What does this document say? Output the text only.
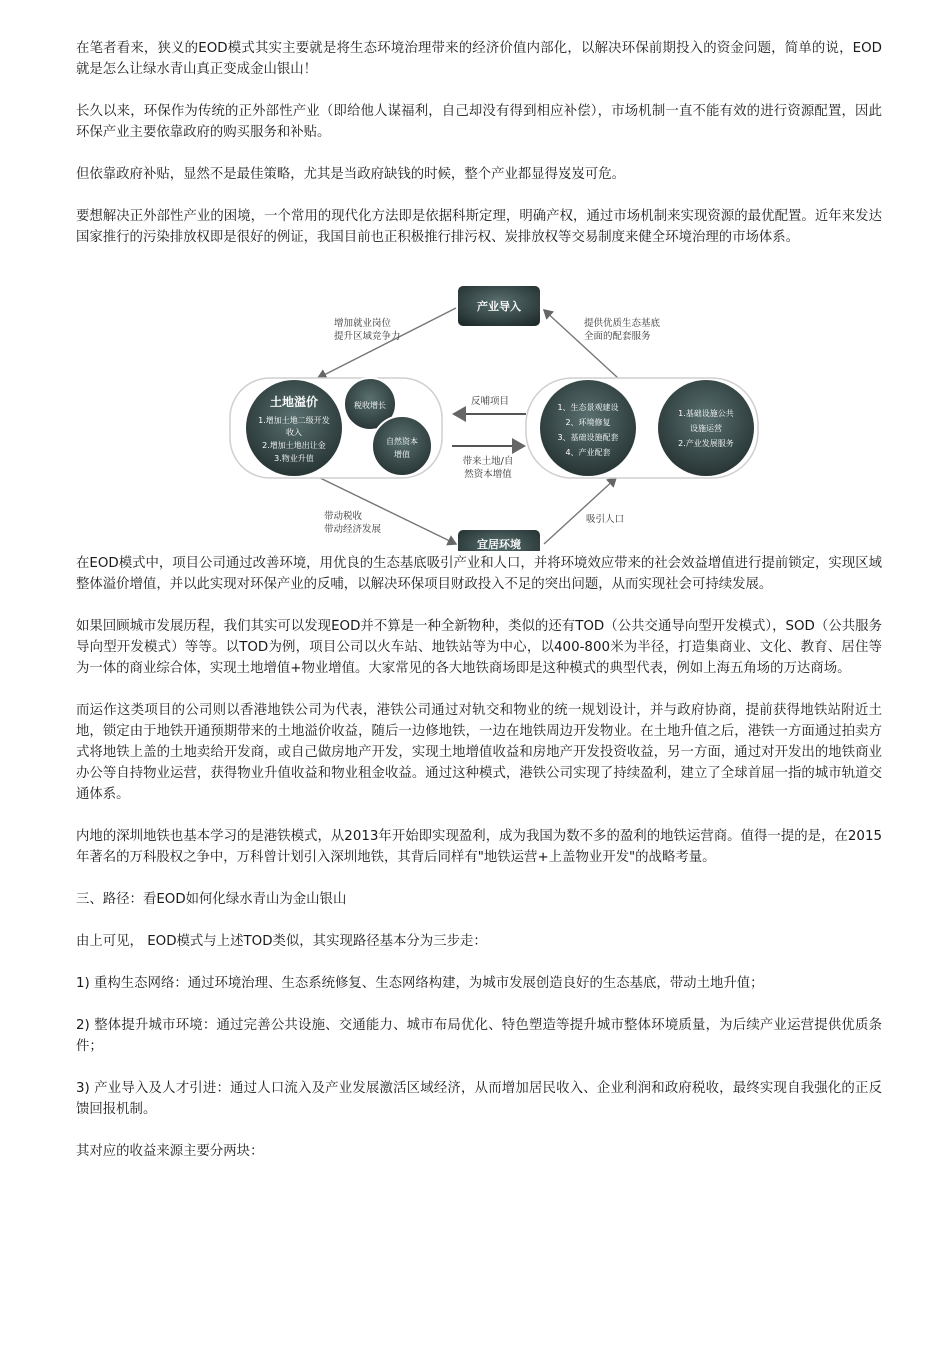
在笔者看来，狭义的EOD模式其实主要就是将生态环境治理带来的经济价值内部化，以解决环保前期投入的资金问题，简单的说，EOD就是怎么让绿水青山真正变成金山银山！

长久以来，环保作为传统的正外部性产业（即给他人谋福利，自己却没有得到相应补偿），市场机制一直不能有效的进行资源配置，因此环保产业主要依靠政府的购买服务和补贴。

但依靠政府补贴，显然不是最佳策略，尤其是当政府缺钱的时候，整个产业都显得岌岌可危。

要想解决正外部性产业的困境，一个常用的现代化方法即是依据科斯定理，明确产权，通过市场机制来实现资源的最优配置。近年来发达国家推行的污染排放权即是很好的例证，我国目前也正积极推行排污权、炭排放权等交易制度来健全环境治理的市场体系。

产业导入
宜居环境
增加就业岗位
提升区域竞争力
提供优质生态基底
全面的配套服务
带动税收
带动经济发展
吸引人口
土地溢价
1.增加土地二级开发
收入
2.增加土地出让金
3.物业升值
税收增长
自然资本
增值
反哺项目
带来土地/自
然资本增值
1、生态景观建设
2、环境修复
3、基础设施配套
4、产业配套
1.基础设施公共
设施运营
2.产业发展服务

在EOD模式中，项目公司通过改善环境，用优良的生态基底吸引产业和人口，并将环境效应带来的社会效益增值进行提前锁定，实现区域整体溢价增值，并以此实现对环保产业的反哺，以解决环保项目财政投入不足的突出问题，从而实现社会可持续发展。

如果回顾城市发展历程，我们其实可以发现EOD并不算是一种全新物种，类似的还有TOD（公共交通导向型开发模式），SOD（公共服务导向型开发模式）等等。以TOD为例，项目公司以火车站、地铁站等为中心，以400-800米为半径，打造集商业、文化、教育、居住等为一体的商业综合体，实现土地增值+物业增值。大家常见的各大地铁商场即是这种模式的典型代表，例如上海五角场的万达商场。

而运作这类项目的公司则以香港地铁公司为代表，港铁公司通过对轨交和物业的统一规划设计，并与政府协商，提前获得地铁站附近土地，锁定由于地铁开通预期带来的土地溢价收益，随后一边修地铁，一边在地铁周边开发物业。在土地升值之后，港铁一方面通过拍卖方式将地铁上盖的土地卖给开发商，或自己做房地产开发，实现土地增值收益和房地产开发投资收益，另一方面，通过对开发出的地铁商业办公等自持物业运营，获得物业升值收益和物业租金收益。通过这种模式，港铁公司实现了持续盈利，建立了全球首屈一指的城市轨道交通体系。

内地的深圳地铁也基本学习的是港铁模式，从2013年开始即实现盈利，成为我国为数不多的盈利的地铁运营商。值得一提的是，在2015年著名的万科股权之争中，万科曾计划引入深圳地铁，其背后同样有"地铁运营+上盖物业开发"的战略考量。

三、路径：看EOD如何化绿水青山为金山银山

由上可见， EOD模式与上述TOD类似，其实现路径基本分为三步走：

1) 重构生态网络：通过环境治理、生态系统修复、生态网络构建，为城市发展创造良好的生态基底，带动土地升值；

2) 整体提升城市环境：通过完善公共设施、交通能力、城市布局优化、特色塑造等提升城市整体环境质量，为后续产业运营提供优质条件；

3) 产业导入及人才引进：通过人口流入及产业发展激活区域经济，从而增加居民收入、企业利润和政府税收，最终实现自我强化的正反馈回报机制。

其对应的收益来源主要分两块：
